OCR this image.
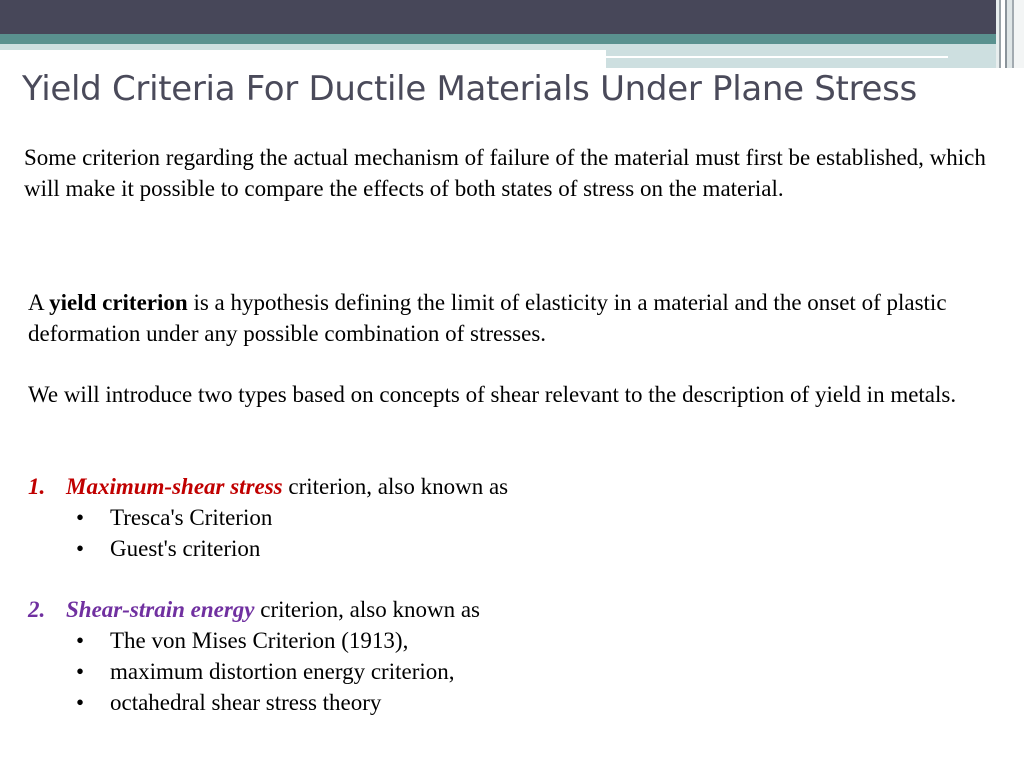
Yield Criteria For Ductile Materials Under Plane Stress
Some criterion regarding the actual mechanism of failure of the material must first be established, which will make it possible to compare the effects of both states of stress on the material.
A yield criterion is a hypothesis defining the limit of elasticity in a material and the onset of plastic deformation under any possible combination of stresses.
We will introduce two types based on concepts of shear relevant to the description of yield in metals.
1. Maximum-shear stress criterion, also known as
• Tresca's Criterion
• Guest's criterion
2. Shear-strain energy criterion, also known as
• The von Mises Criterion (1913),
• maximum distortion energy criterion,
• octahedral shear stress theory
